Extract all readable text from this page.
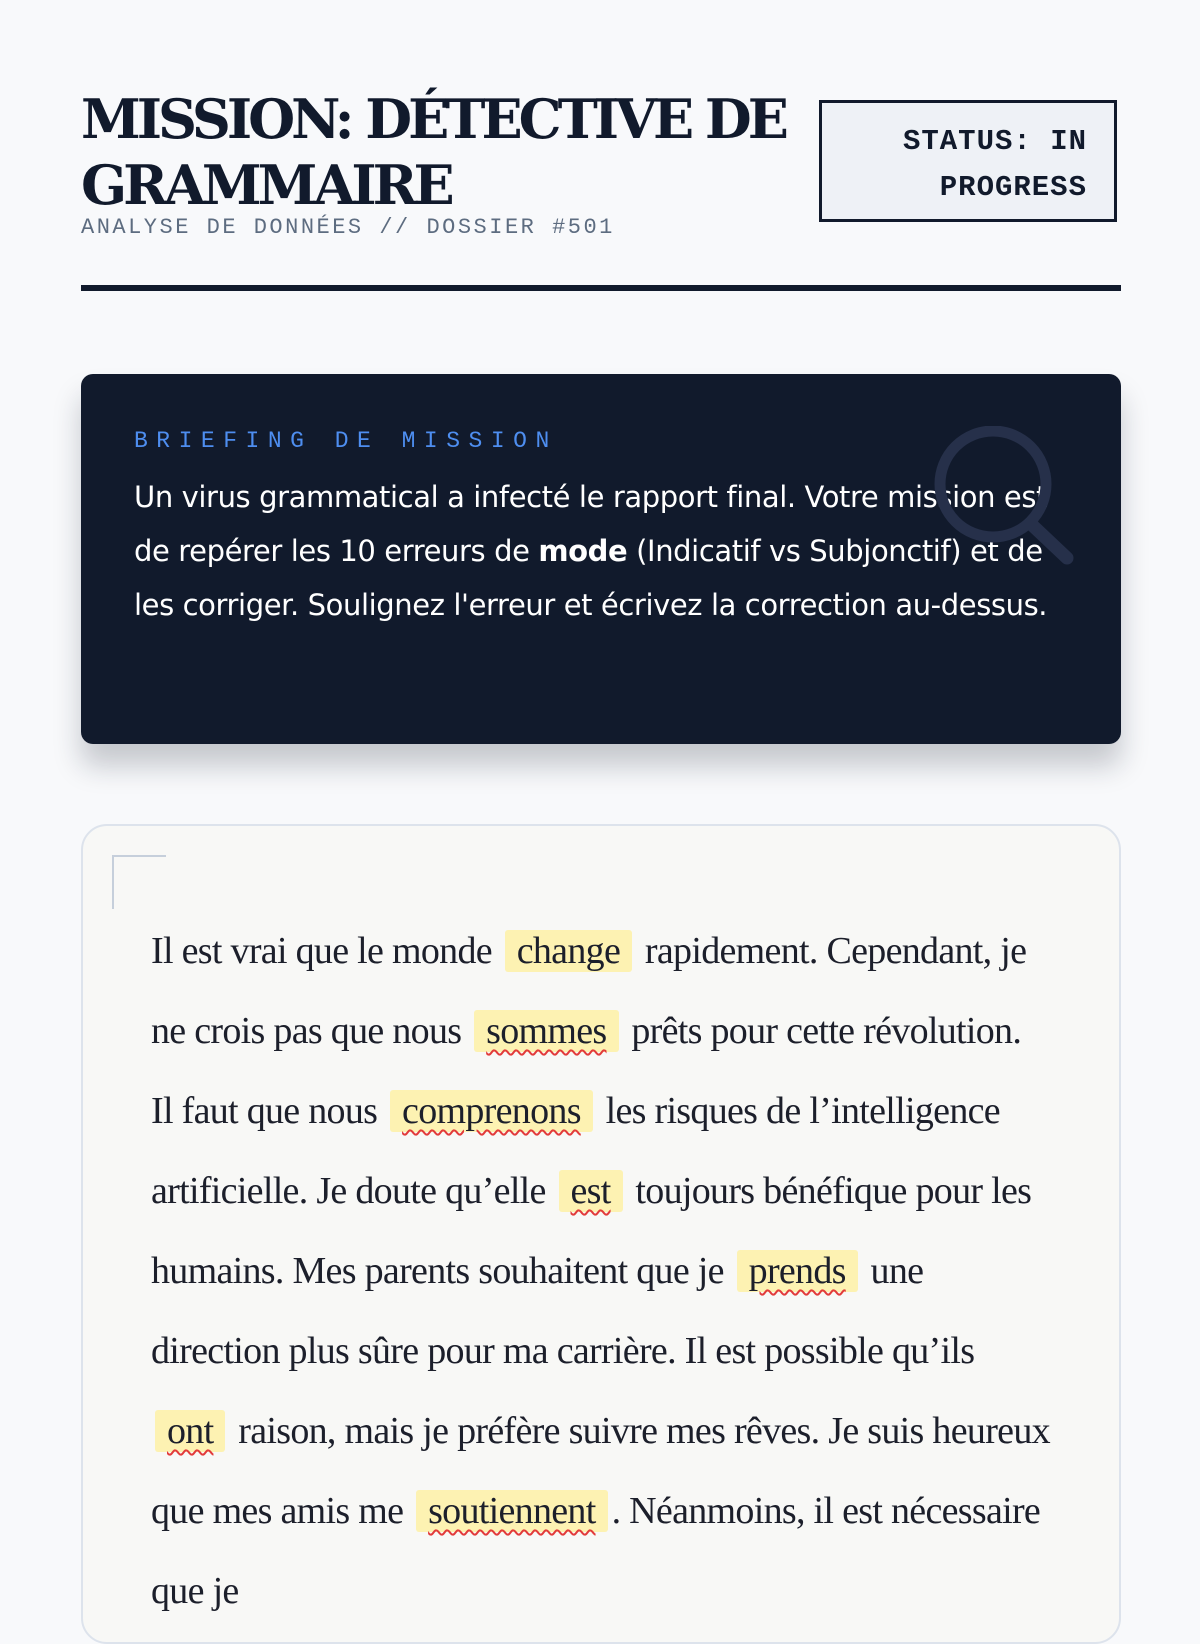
MISSION: DÉTECTIVE DE GRAMMAIRE
ANALYSE DE DONNÉES // DOSSIER #501
STATUS: IN PROGRESS
BRIEFING DE MISSION
Un virus grammatical a infecté le rapport final. Votre mission est de repérer les 10 erreurs de mode (Indicatif vs Subjonctif) et de les corriger. Soulignez l'erreur et écrivez la correction au-dessus.
Il est vrai que le monde change rapidement. Cependant, je ne crois pas que nous sommes prêts pour cette révolution. Il faut que nous comprenons les risques de l’intelligence artificielle. Je doute qu’elle est toujours bénéfique pour les humains. Mes parents souhaitent que je prends une direction plus sûre pour ma carrière. Il est possible qu’ils ont raison, mais je préfère suivre mes rêves. Je suis heureux que mes amis me soutiennent . Néanmoins, il est nécessaire que je
